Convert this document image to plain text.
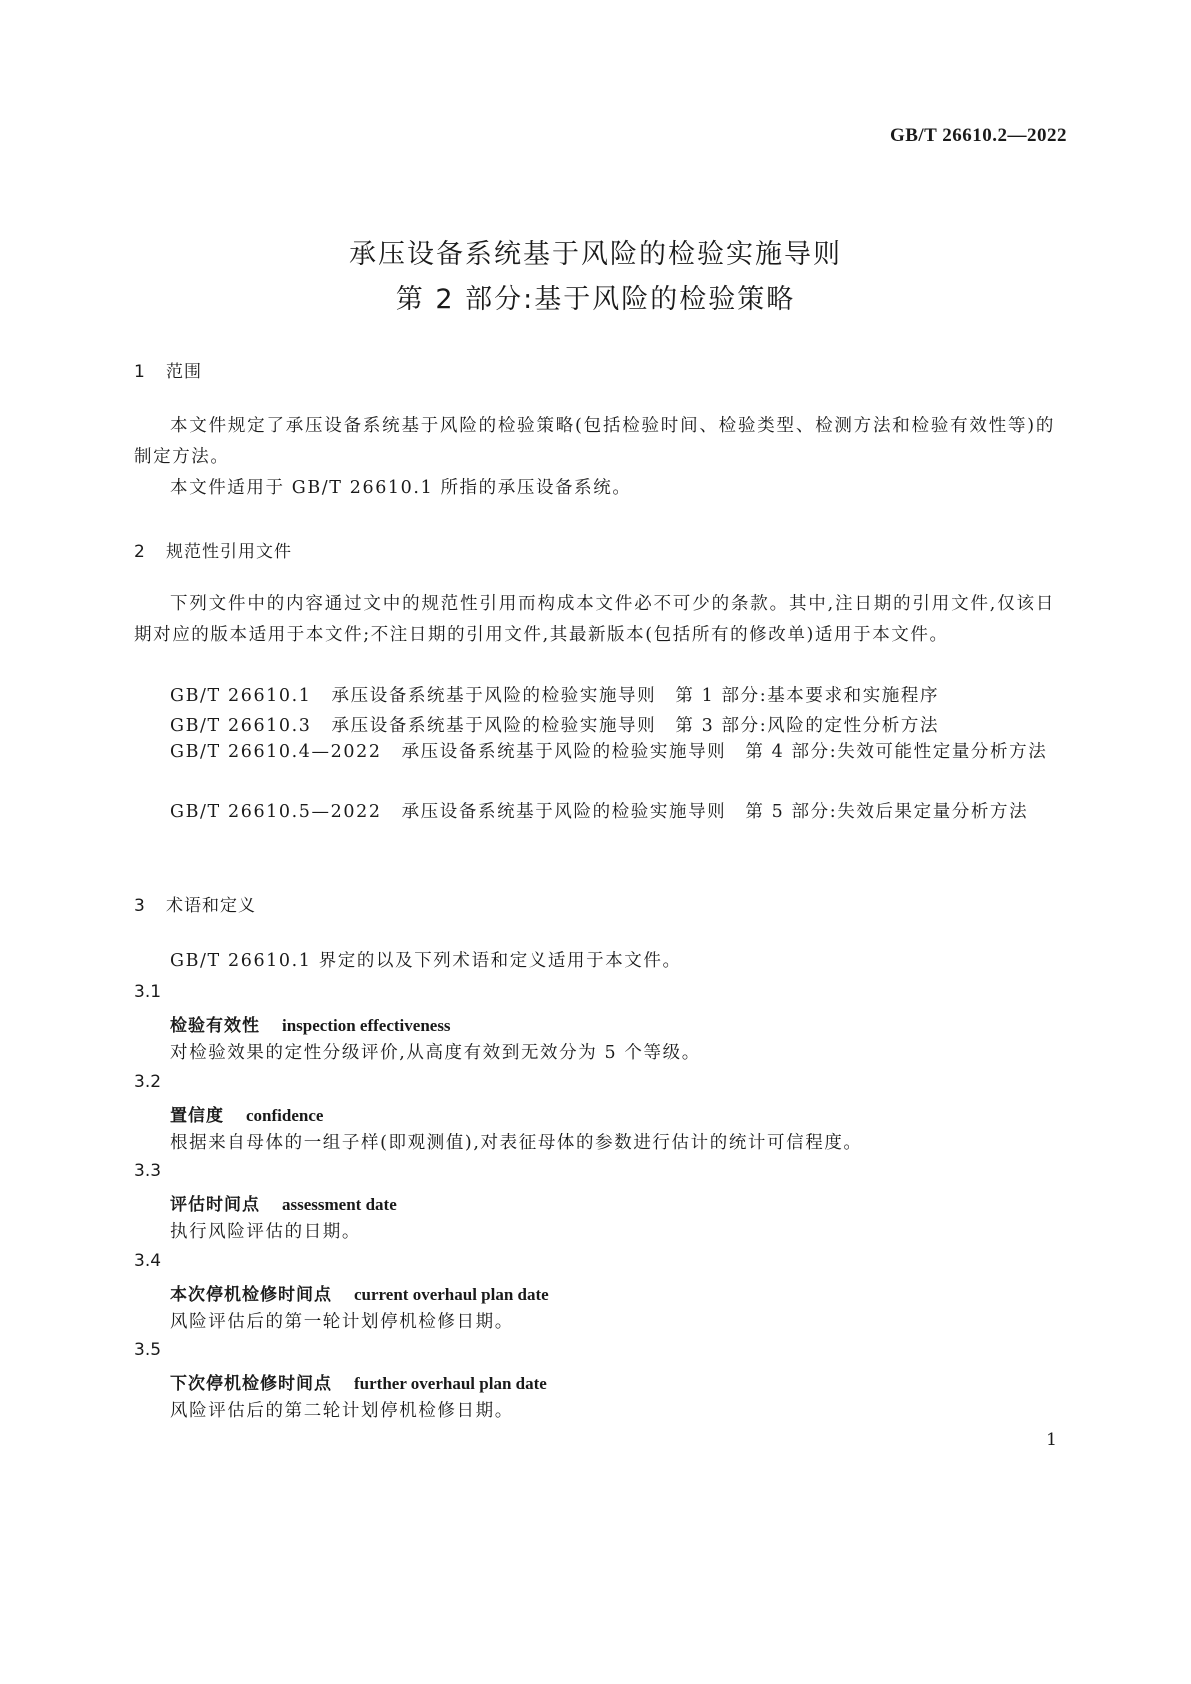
GB/T 26610.2—2022
承压设备系统基于风险的检验实施导则
第 2 部分:基于风险的检验策略
1 范围
本文件规定了承压设备系统基于风险的检验策略(包括检验时间、检验类型、检测方法和检验有效性等)的制定方法。
本文件适用于 GB/T 26610.1 所指的承压设备系统。
2 规范性引用文件
下列文件中的内容通过文中的规范性引用而构成本文件必不可少的条款。其中,注日期的引用文件,仅该日期对应的版本适用于本文件;不注日期的引用文件,其最新版本(包括所有的修改单)适用于本文件。
GB/T 26610.1 承压设备系统基于风险的检验实施导则　第 1 部分:基本要求和实施程序
GB/T 26610.3 承压设备系统基于风险的检验实施导则　第 3 部分:风险的定性分析方法
GB/T 26610.4—2022 承压设备系统基于风险的检验实施导则　第 4 部分:失效可能性定量分析方法
GB/T 26610.5—2022 承压设备系统基于风险的检验实施导则　第 5 部分:失效后果定量分析方法
3 术语和定义
GB/T 26610.1 界定的以及下列术语和定义适用于本文件。
3.1
检验有效性 inspection effectiveness
对检验效果的定性分级评价,从高度有效到无效分为 5 个等级。
3.2
置信度 confidence
根据来自母体的一组子样(即观测值),对表征母体的参数进行估计的统计可信程度。
3.3
评估时间点 assessment date
执行风险评估的日期。
3.4
本次停机检修时间点 current overhaul plan date
风险评估后的第一轮计划停机检修日期。
3.5
下次停机检修时间点 further overhaul plan date
风险评估后的第二轮计划停机检修日期。
1
